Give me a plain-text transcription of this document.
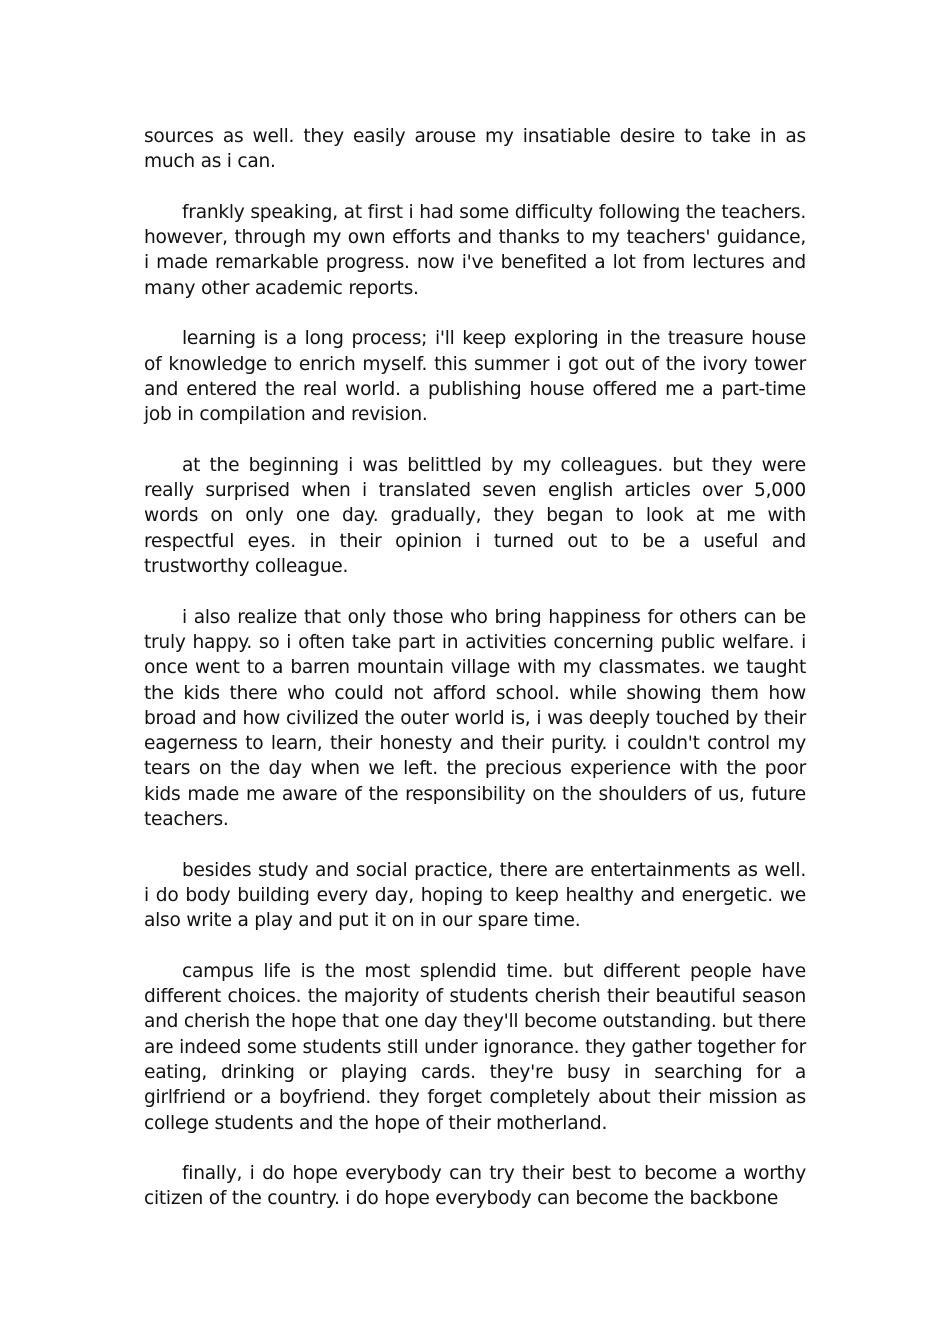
sources as well. they easily arouse my insatiable desire to take in as much as i can.

frankly speaking, at first i had some difficulty following the teachers. however, through my own efforts and thanks to my teachers' guidance, i made remarkable progress. now i've benefited a lot from lectures and many other academic reports.

learning is a long process; i'll keep exploring in the treasure house of knowledge to enrich myself. this summer i got out of the ivory tower and entered the real world. a publishing house offered me a part-time job in compilation and revision.

at the beginning i was belittled by my colleagues. but they were really surprised when i translated seven english articles over 5,000 words on only one day. gradually, they began to look at me with respectful eyes. in their opinion i turned out to be a useful and trustworthy colleague.

i also realize that only those who bring happiness for others can be truly happy. so i often take part in activities concerning public welfare. i once went to a barren mountain village with my classmates. we taught the kids there who could not afford school. while showing them how broad and how civilized the outer world is, i was deeply touched by their eagerness to learn, their honesty and their purity. i couldn't control my tears on the day when we left. the precious experience with the poor kids made me aware of the responsibility on the shoulders of us, future teachers.

besides study and social practice, there are entertainments as well. i do body building every day, hoping to keep healthy and energetic. we also write a play and put it on in our spare time.

campus life is the most splendid time. but different people have different choices. the majority of students cherish their beautiful season and cherish the hope that one day they'll become outstanding. but there are indeed some students still under ignorance. they gather together for eating, drinking or playing cards. they're busy in searching for a girlfriend or a boyfriend. they forget completely about their mission as college students and the hope of their motherland.

finally, i do hope everybody can try their best to become a worthy citizen of the country. i do hope everybody can become the backbone
